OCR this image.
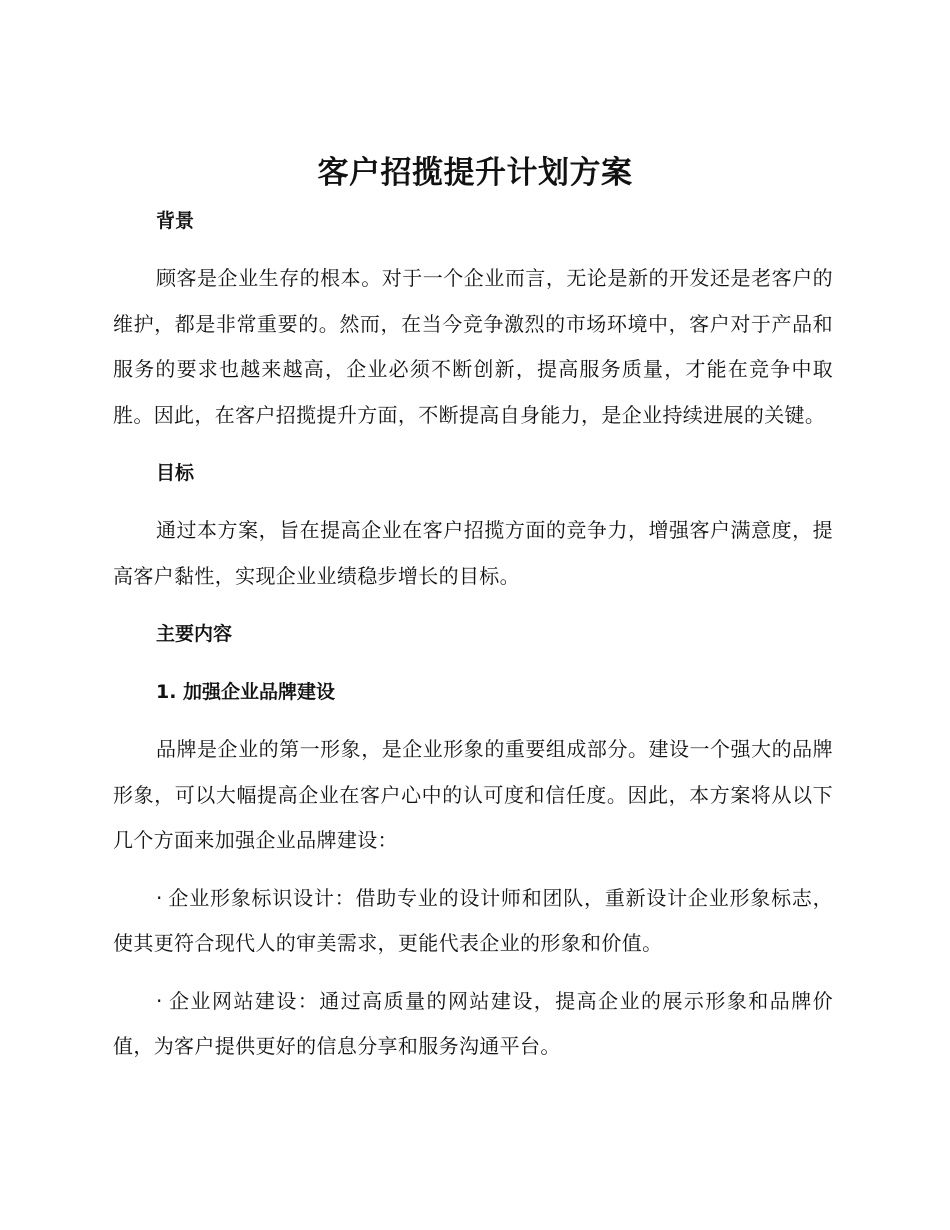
客户招揽提升计划方案
背景

顾客是企业生存的根本。对于一个企业而言，无论是新的开发还是老客户的维护，都是非常重要的。然而，在当今竞争激烈的市场环境中，客户对于产品和服务的要求也越来越高，企业必须不断创新，提高服务质量，才能在竞争中取胜。因此，在客户招揽提升方面，不断提高自身能力，是企业持续进展的关键。

目标

通过本方案，旨在提高企业在客户招揽方面的竞争力，增强客户满意度，提高客户黏性，实现企业业绩稳步增长的目标。

主要内容
1. 加强企业品牌建设

品牌是企业的第一形象，是企业形象的重要组成部分。建设一个强大的品牌形象，可以大幅提高企业在客户心中的认可度和信任度。因此，本方案将从以下几个方面来加强企业品牌建设：

· 企业形象标识设计：借助专业的设计师和团队，重新设计企业形象标志，使其更符合现代人的审美需求，更能代表企业的形象和价值。

· 企业网站建设：通过高质量的网站建设，提高企业的展示形象和品牌价值，为客户提供更好的信息分享和服务沟通平台。
